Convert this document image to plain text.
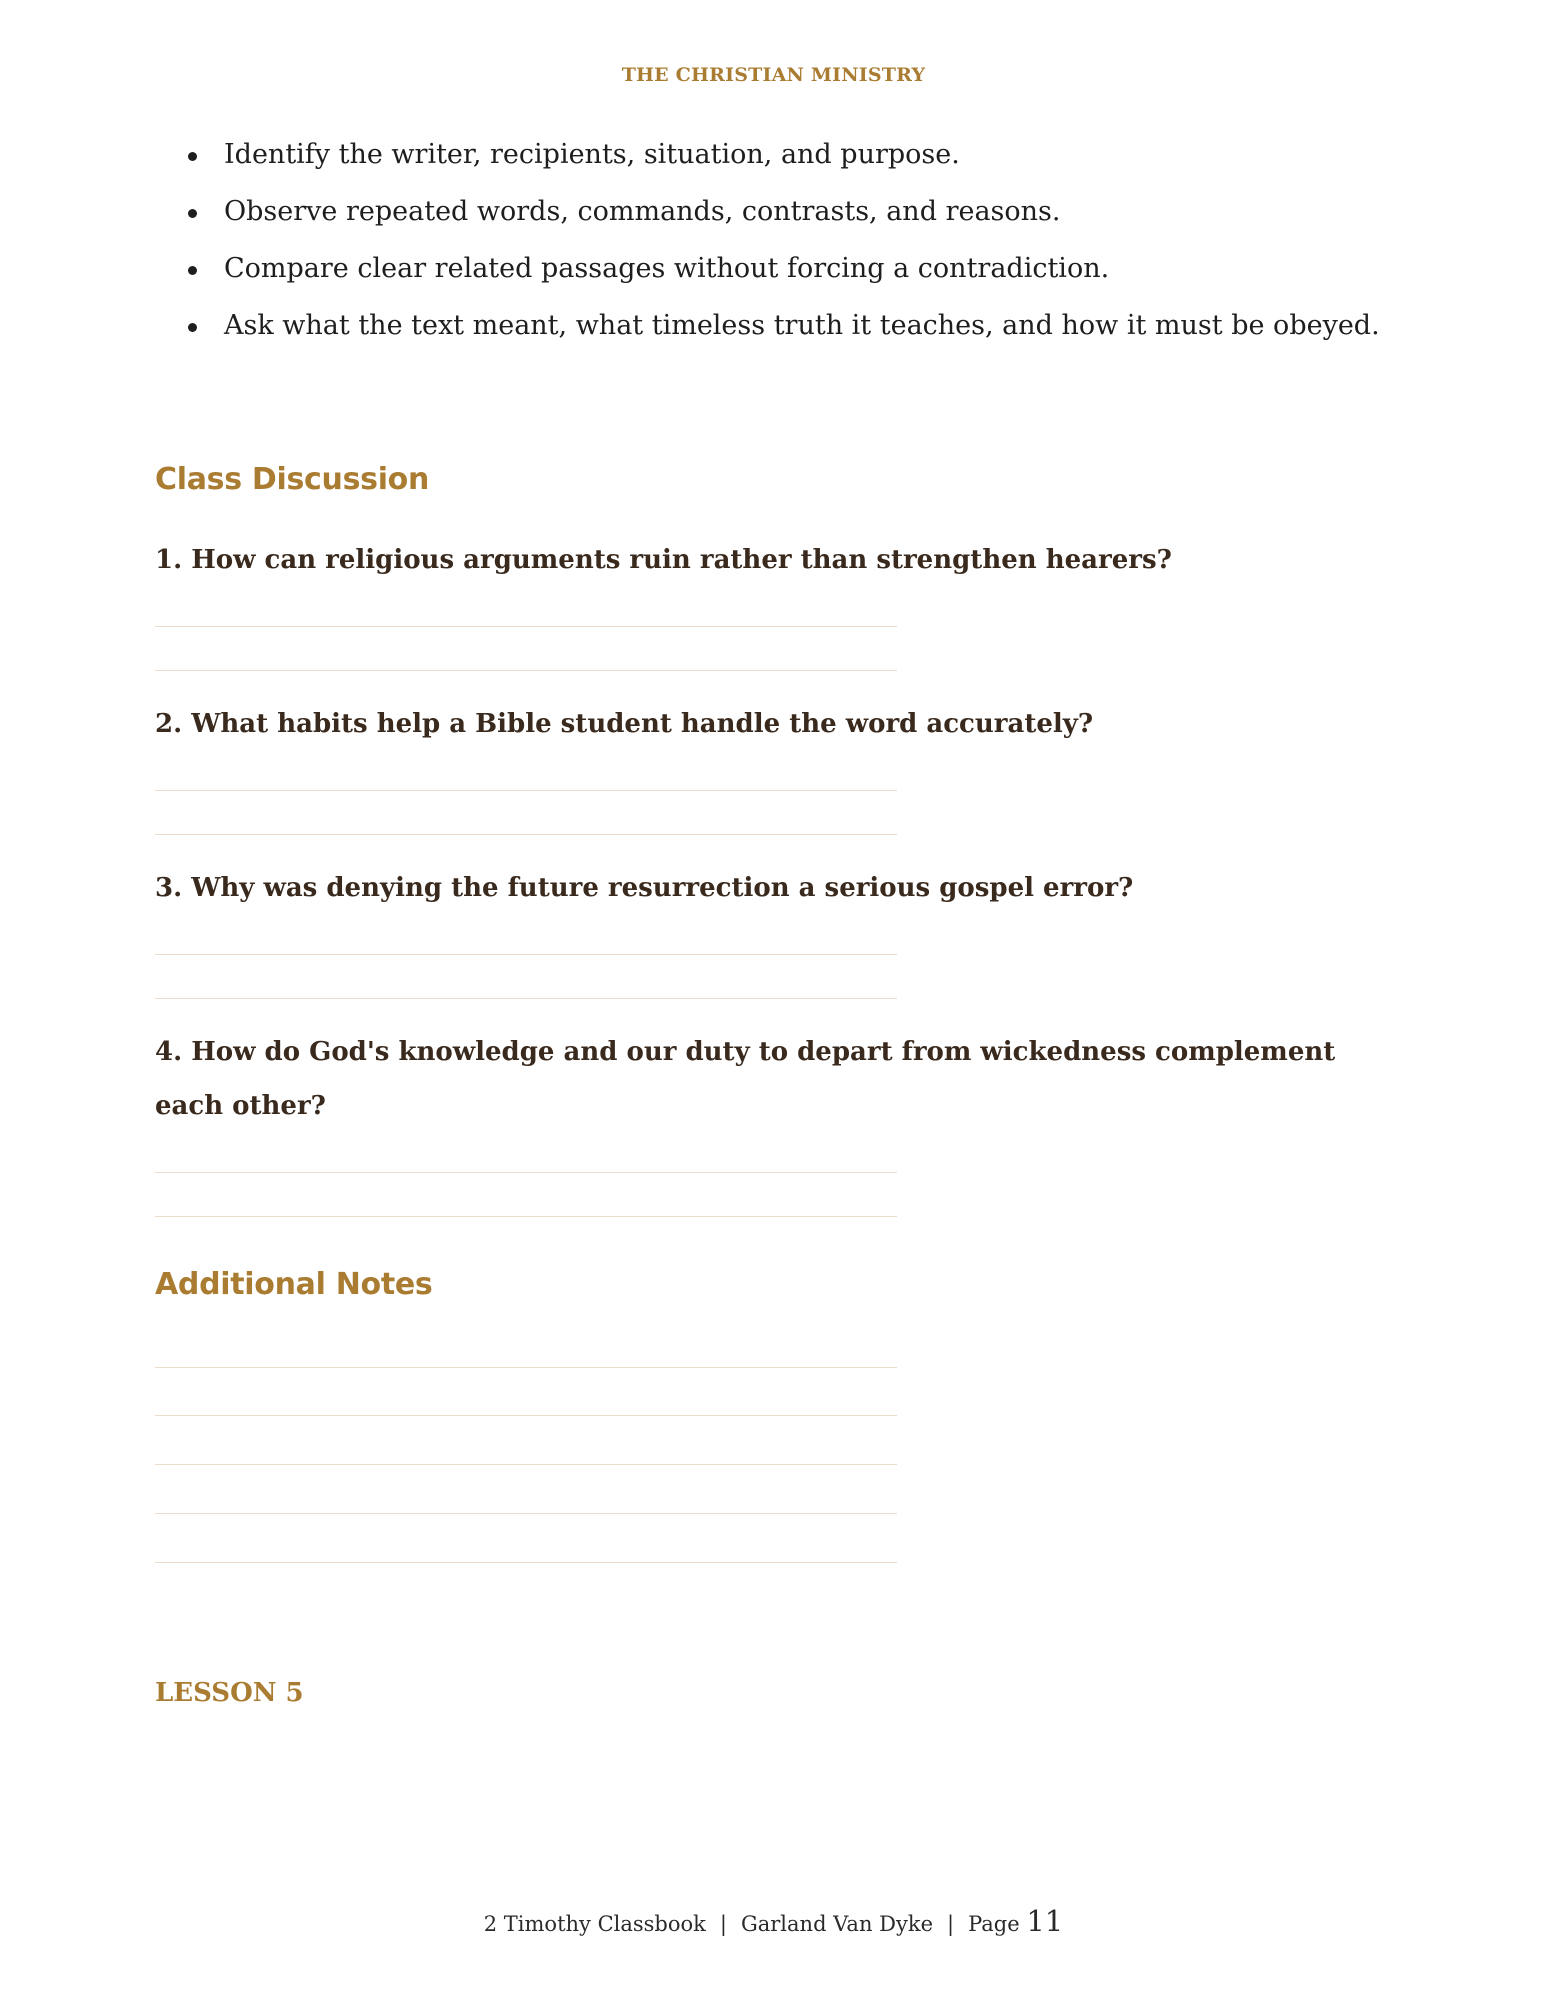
THE CHRISTIAN MINISTRY
Identify the writer, recipients, situation, and purpose.
Observe repeated words, commands, contrasts, and reasons.
Compare clear related passages without forcing a contradiction.
Ask what the text meant, what timeless truth it teaches, and how it must be obeyed.
Class Discussion
1. How can religious arguments ruin rather than strengthen hearers?
2. What habits help a Bible student handle the word accurately?
3. Why was denying the future resurrection a serious gospel error?
4. How do God's knowledge and our duty to depart from wickedness complement each other?
Additional Notes
LESSON 5
2 Timothy Classbook | Garland Van Dyke | Page 11
